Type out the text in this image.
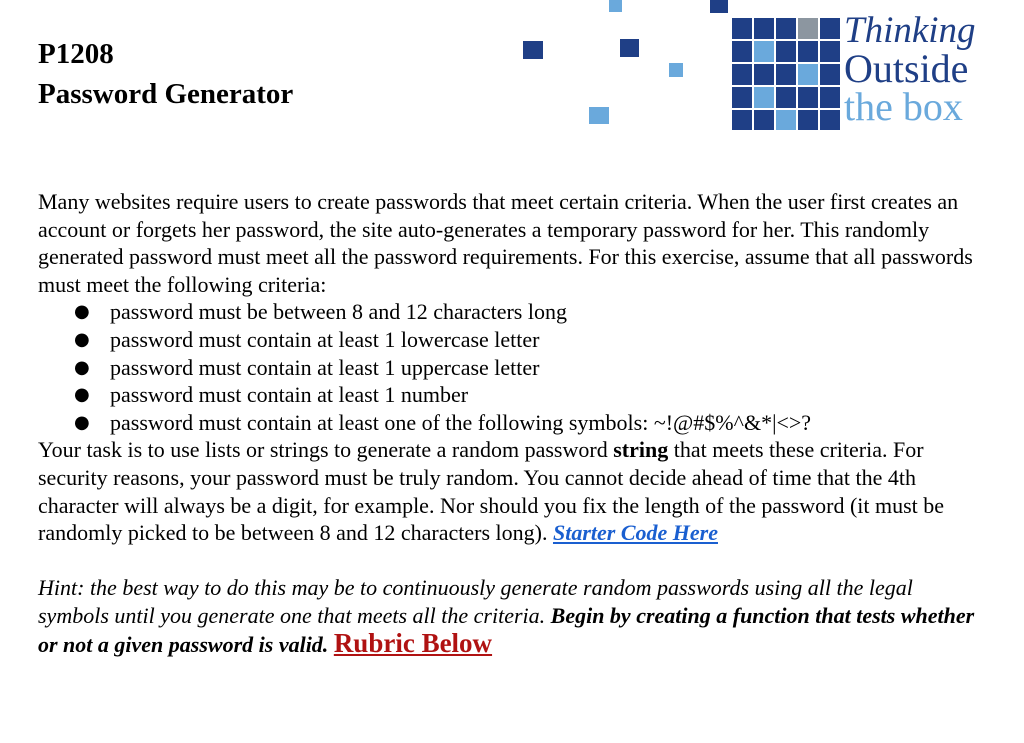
P1208
Password Generator
Thinking
Outside
the box

Many websites require users to create passwords that meet certain criteria. When the user first creates an account or forgets her password, the site auto-generates a temporary password for her. This randomly generated password must meet all the password requirements. For this exercise, assume that all passwords must meet the following criteria:

● password must be between 8 and 12 characters long
● password must contain at least 1 lowercase letter
● password must contain at least 1 uppercase letter
● password must contain at least 1 number
● password must contain at least one of the following symbols: ~!@#$%^&*|<>?

Your task is to use lists or strings to generate a random password string that meets these criteria. For security reasons, your password must be truly random. You cannot decide ahead of time that the 4th character will always be a digit, for example. Nor should you fix the length of the password (it must be randomly picked to be between 8 and 12 characters long). Starter Code Here

Hint: the best way to do this may be to continuously generate random passwords using all the legal symbols until you generate one that meets all the criteria. Begin by creating a function that tests whether or not a given password is valid. Rubric Below
